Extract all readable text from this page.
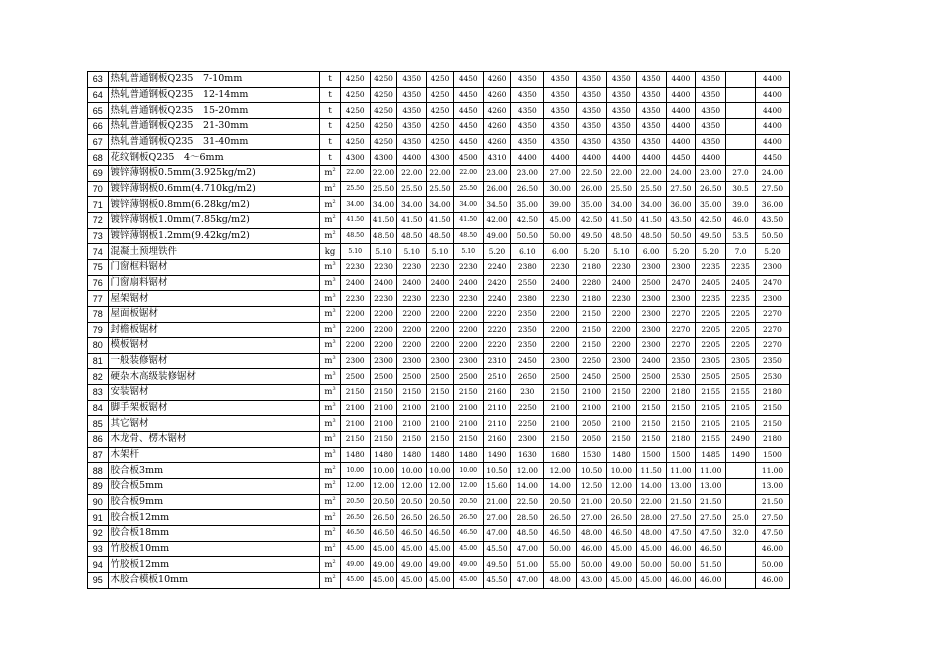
63	热轧普通钢板Q235　7-10mm	t	4250	4250	4350	4250	4450	4260	4350	4350	4350	4350	4350	4400	4350		4400
64	热轧普通钢板Q235　12-14mm	t	4250	4250	4350	4250	4450	4260	4350	4350	4350	4350	4350	4400	4350		4400
65	热轧普通钢板Q235　15-20mm	t	4250	4250	4350	4250	4450	4260	4350	4350	4350	4350	4350	4400	4350		4400
66	热轧普通钢板Q235　21-30mm	t	4250	4250	4350	4250	4450	4260	4350	4350	4350	4350	4350	4400	4350		4400
67	热轧普通钢板Q235　31-40mm	t	4250	4250	4350	4250	4450	4260	4350	4350	4350	4350	4350	4400	4350		4400
68	花纹钢板Q235　4～6mm	t	4300	4300	4400	4300	4500	4310	4400	4400	4400	4400	4400	4450	4400		4450
69	镀锌薄钢板0.5mm(3.925kg/m2)	$m^2$	22.00	22.00	22.00	22.00	22.00	23.00	23.00	27.00	22.50	22.00	22.00	24.00	23.00	27.0	24.00
70	镀锌薄钢板0.6mm(4.710kg/m2)	$m^2$	25.50	25.50	25.50	25.50	25.50	26.00	26.50	30.00	26.00	25.50	25.50	27.50	26.50	30.5	27.50
71	镀锌薄钢板0.8mm(6.28kg/m2)	$m^2$	34.00	34.00	34.00	34.00	34.00	34.50	35.00	39.00	35.00	34.00	34.00	36.00	35.00	39.0	36.00
72	镀锌薄钢板1.0mm(7.85kg/m2)	$m^2$	41.50	41.50	41.50	41.50	41.50	42.00	42.50	45.00	42.50	41.50	41.50	43.50	42.50	46.0	43.50
73	镀锌薄钢板1.2mm(9.42kg/m2)	$m^2$	48.50	48.50	48.50	48.50	48.50	49.00	50.50	50.00	49.50	48.50	48.50	50.50	49.50	53.5	50.50
74	混凝土预埋铁件	kg	5.10	5.10	5.10	5.10	5.10	5.20	6.10	6.00	5.20	5.10	6.00	5.20	5.20	7.0	5.20
75	门窗框料锯材	$m^3$	2230	2230	2230	2230	2230	2240	2380	2230	2180	2230	2300	2300	2235	2235	2300
76	门窗扇料锯材	$m^3$	2400	2400	2400	2400	2400	2420	2550	2400	2280	2400	2500	2470	2405	2405	2470
77	屋架锯材	$m^3$	2230	2230	2230	2230	2230	2240	2380	2230	2180	2230	2300	2300	2235	2235	2300
78	屋面板锯材	$m^3$	2200	2200	2200	2200	2200	2220	2350	2200	2150	2200	2300	2270	2205	2205	2270
79	封檐板锯材	$m^3$	2200	2200	2200	2200	2200	2220	2350	2200	2150	2200	2300	2270	2205	2205	2270
80	模板锯材	$m^3$	2200	2200	2200	2200	2200	2220	2350	2200	2150	2200	2300	2270	2205	2205	2270
81	一般装修锯材	$m^3$	2300	2300	2300	2300	2300	2310	2450	2300	2250	2300	2400	2350	2305	2305	2350
82	硬杂木高级装修锯材	$m^3$	2500	2500	2500	2500	2500	2510	2650	2500	2450	2500	2500	2530	2505	2505	2530
83	安装锯材	$m^3$	2150	2150	2150	2150	2150	2160	230	2150	2100	2150	2200	2180	2155	2155	2180
84	脚手架板锯材	$m^3$	2100	2100	2100	2100	2100	2110	2250	2100	2100	2100	2150	2150	2105	2105	2150
85	其它锯材	$m^3$	2100	2100	2100	2100	2100	2110	2250	2100	2050	2100	2150	2150	2105	2105	2150
86	木龙骨、楞木锯材	$m^3$	2150	2150	2150	2150	2150	2160	2300	2150	2050	2150	2150	2180	2155	2490	2180
87	木架杆	$m^3$	1480	1480	1480	1480	1480	1490	1630	1680	1530	1480	1500	1500	1485	1490	1500
88	胶合板3mm	$m^2$	10.00	10.00	10.00	10.00	10.00	10.50	12.00	12.00	10.50	10.00	11.50	11.00	11.00		11.00
89	胶合板5mm	$m^2$	12.00	12.00	12.00	12.00	12.00	15.60	14.00	14.00	12.50	12.00	14.00	13.00	13.00		13.00
90	胶合板9mm	$m^2$	20.50	20.50	20.50	20.50	20.50	21.00	22.50	20.50	21.00	20.50	22.00	21.50	21.50		21.50
91	胶合板12mm	$m^2$	26.50	26.50	26.50	26.50	26.50	27.00	28.50	26.50	27.00	26.50	28.00	27.50	27.50	25.0	27.50
92	胶合板18mm	$m^2$	46.50	46.50	46.50	46.50	46.50	47.00	48.50	46.50	48.00	46.50	48.00	47.50	47.50	32.0	47.50
93	竹胶板10mm	$m^2$	45.00	45.00	45.00	45.00	45.00	45.50	47.00	50.00	46.00	45.00	45.00	46.00	46.50		46.00
94	竹胶板12mm	$m^2$	49.00	49.00	49.00	49.00	49.00	49.50	51.00	55.00	50.00	49.00	50.00	50.00	51.50		50.00
95	木胶合模板10mm	$m^2$	45.00	45.00	45.00	45.00	45.00	45.50	47.00	48.00	43.00	45.00	45.00	46.00	46.00		46.00
